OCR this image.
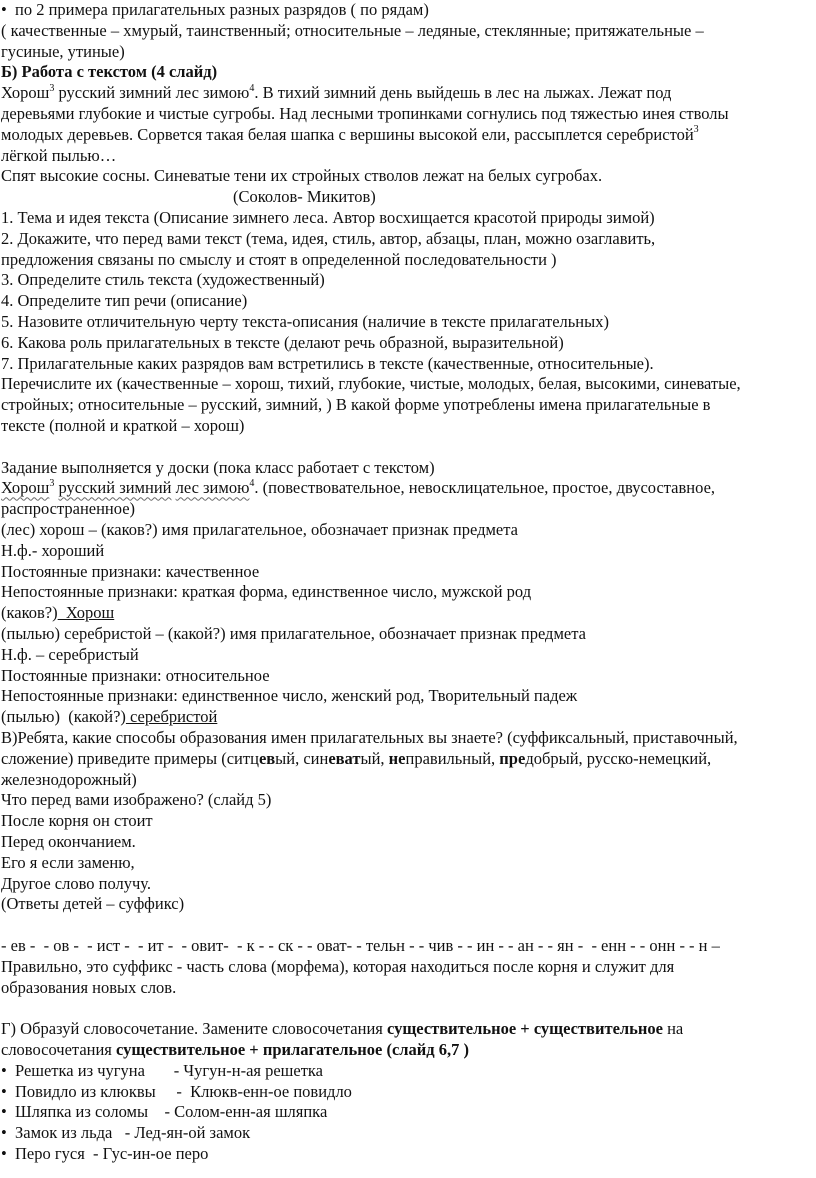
• по 2 примера прилагательных разных разрядов ( по рядам)
( качественные – хмурый, таинственный; относительные – ледяные, стеклянные; притяжательные –
гусиные, утиные)
Б) Работа с текстом (4 слайд)
Хорош$^3$ русский зимний лес зимою$^4$. В тихий зимний день выйдешь в лес на лыжах. Лежат под
деревьями глубокие и чистые сугробы. Над лесными тропинками согнулись под тяжестью инея стволы
молодых деревьев. Сорвется такая белая шапка с вершины высокой ели, рассыплется серебристой$^3$
лёгкой пылью…
Спят высокие сосны. Синеватые тени их стройных стволов лежат на белых сугробах.
(Соколов- Микитов)
1. Тема и идея текста (Описание зимнего леса. Автор восхищается красотой природы зимой)
2. Докажите, что перед вами текст (тема, идея, стиль, автор, абзацы, план, можно озаглавить,
предложения связаны по смыслу и стоят в определенной последовательности )
3. Определите стиль текста (художественный)
4. Определите тип речи (описание)
5. Назовите отличительную черту текста-описания (наличие в тексте прилагательных)
6. Какова роль прилагательных в тексте (делают речь образной, выразительной)
7. Прилагательные каких разрядов вам встретились в тексте (качественные, относительные).
Перечислите их (качественные – хорош, тихий, глубокие, чистые, молодых, белая, высокими, синеватые,
стройных; относительные – русский, зимний, ) В какой форме употреблены имена прилагательные в
тексте (полной и краткой – хорош)
Задание выполняется у доски (пока класс работает с текстом)
Хорош$^3$ русский зимний лес зимою$^4$. (повествовательное, невосклицательное, простое, двусоставное,
распространенное)
(лес) хорош – (каков?) имя прилагательное, обозначает признак предмета
Н.ф.- хороший
Постоянные признаки: качественное
Непостоянные признаки: краткая форма, единственное число, мужской род
(каков?)  Хорош
(пылью) серебристой – (какой?) имя прилагательное, обозначает признак предмета
Н.ф. – серебристый
Постоянные признаки: относительное
Непостоянные признаки: единственное число, женский род, Творительный падеж
(пылью)  (какой?) серебристой
В)Ребята, какие способы образования имен прилагательных вы знаете? (суффиксальный, приставочный,
сложение) приведите примеры (ситцевый, синеватый, неправильный, предобрый, русско-немецкий,
железнодорожный)
Что перед вами изображено? (слайд 5)
После корня он стоит
Перед окончанием.
Его я если заменю,
Другое слово получу.
(Ответы детей – суффикс)
- ев -  - ов -  - ист -  - ит -  - овит-  - к - - ск - - оват- - тельн - - чив - - ин - - ан - - ян -  - енн - - онн - - н –
Правильно, это суффикс - часть слова (морфема), которая находиться после корня и служит для
образования новых слов.
Г) Образуй словосочетание. Замените словосочетания существительное + существительное на
словосочетания существительное + прилагательное (слайд 6,7 )
• Решетка из чугуна       - Чугун-н-ая решетка
• Повидло из клюквы     -  Клюкв-енн-ое повидло
• Шляпка из соломы    - Солом-енн-ая шляпка
• Замок из льда   - Лед-ян-ой замок
• Перо гуся  - Гус-ин-ое перо
